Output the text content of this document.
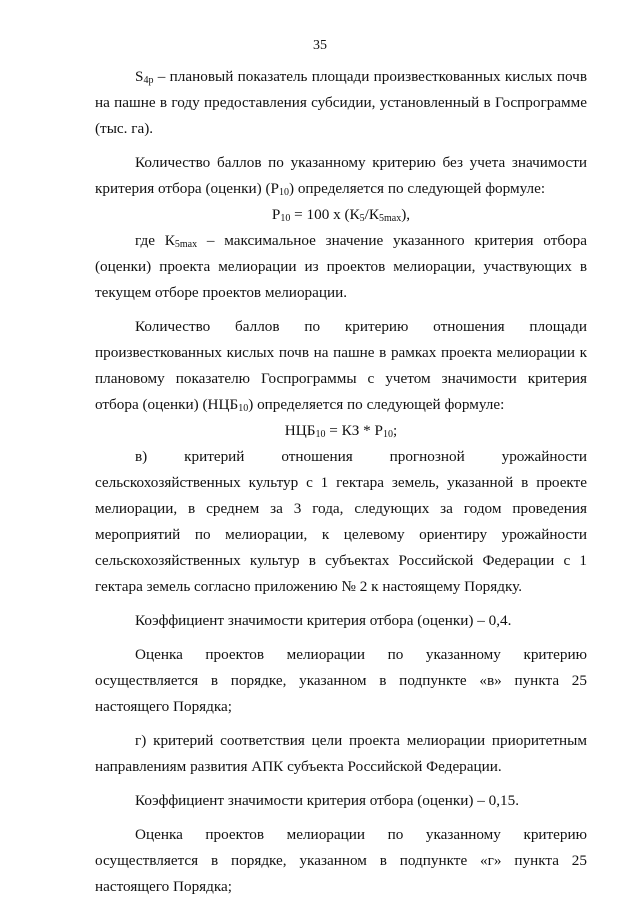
35

$S_{4р}$ – плановый показатель площади произвесткованных кислых почв на пашне в году предоставления субсидии, установленный в Госпрограмме (тыс. га).

Количество баллов по указанному критерию без учета значимости критерия отбора (оценки) $(Р_{10})$ определяется по следующей формуле:

$Р_{10} = 100$ х $(К_5/К_{5max})$,

где $К_{5max}$ – максимальное значение указанного критерия отбора (оценки) проекта мелиорации из проектов мелиорации, участвующих в текущем отборе проектов мелиорации.

Количество баллов по критерию отношения площади произвесткованных кислых почв на пашне в рамках проекта мелиорации к плановому показателю Госпрограммы с учетом значимости критерия отбора (оценки) $(НЦБ_{10})$ определяется по следующей формуле:

$НЦБ_{10}$ = КЗ * $Р_{10}$;

в) критерий отношения прогнозной урожайности сельскохозяйственных культур с 1 гектара земель, указанной в проекте мелиорации, в среднем за 3 года, следующих за годом проведения мероприятий по мелиорации, к целевому ориентиру урожайности сельскохозяйственных культур в субъектах Российской Федерации с 1 гектара земель согласно приложению № 2 к настоящему Порядку.

Коэффициент значимости критерия отбора (оценки) – 0,4.

Оценка проектов мелиорации по указанному критерию осуществляется в порядке, указанном в подпункте «в» пункта 25 настоящего Порядка;

г) критерий соответствия цели проекта мелиорации приоритетным направлениям развития АПК субъекта Российской Федерации.

Коэффициент значимости критерия отбора (оценки) – 0,15.

Оценка проектов мелиорации по указанному критерию осуществляется в порядке, указанном в подпункте «г» пункта 25 настоящего Порядка;
